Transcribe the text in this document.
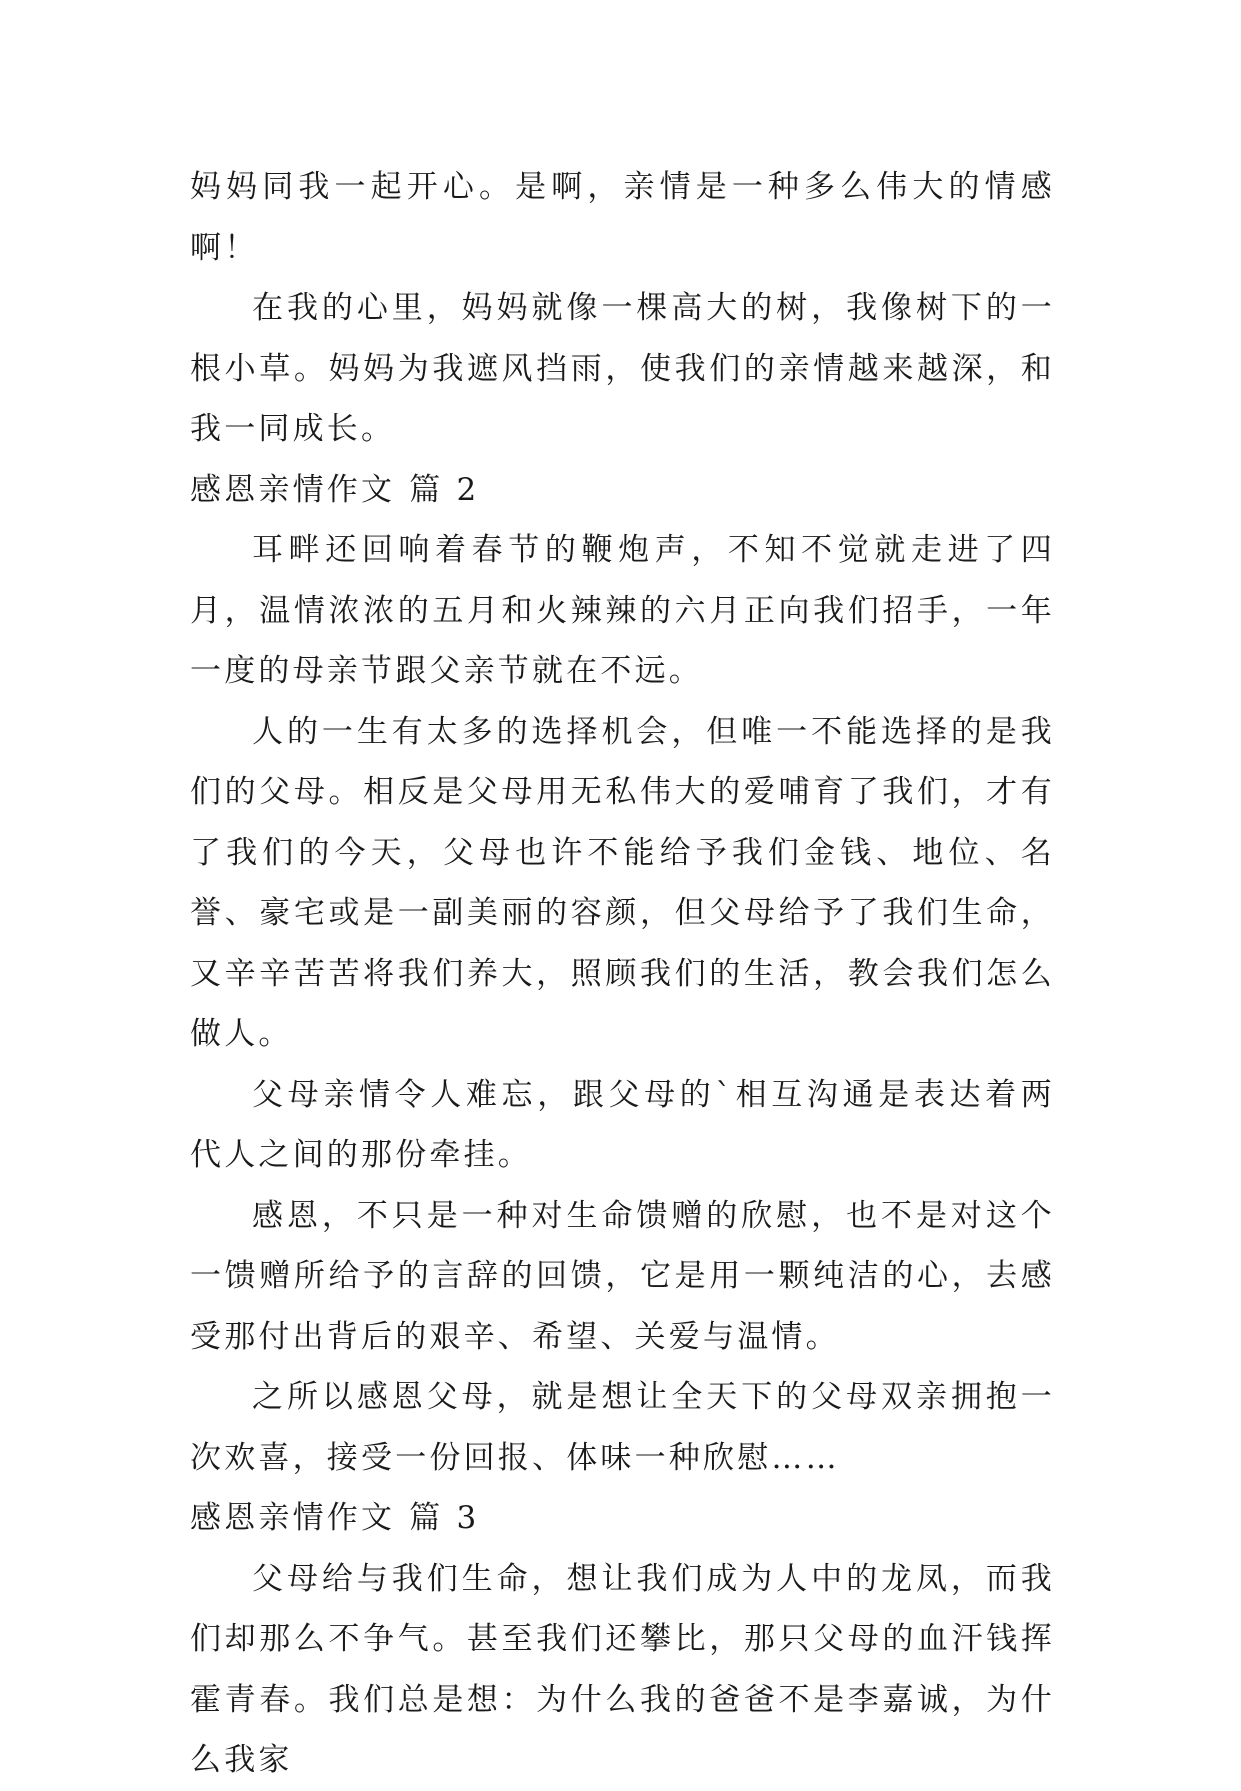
妈妈同我一起开心。是啊，亲情是一种多么伟大的情感啊！

在我的心里，妈妈就像一棵高大的树，我像树下的一根小草。妈妈为我遮风挡雨，使我们的亲情越来越深，和我一同成长。

感恩亲情作文 篇 2

耳畔还回响着春节的鞭炮声，不知不觉就走进了四月，温情浓浓的五月和火辣辣的六月正向我们招手，一年一度的母亲节跟父亲节就在不远。

人的一生有太多的选择机会，但唯一不能选择的是我们的父母。相反是父母用无私伟大的爱哺育了我们，才有了我们的今天，父母也许不能给予我们金钱、地位、名誉、豪宅或是一副美丽的容颜，但父母给予了我们生命，又辛辛苦苦将我们养大，照顾我们的生活，教会我们怎么做人。

父母亲情令人难忘，跟父母的`相互沟通是表达着两代人之间的那份牵挂。

感恩，不只是一种对生命馈赠的欣慰，也不是对这个一馈赠所给予的言辞的回馈，它是用一颗纯洁的心，去感受那付出背后的艰辛、希望、关爱与温情。

之所以感恩父母，就是想让全天下的父母双亲拥抱一次欢喜，接受一份回报、体味一种欣慰……

感恩亲情作文 篇 3

父母给与我们生命，想让我们成为人中的龙凤，而我们却那么不争气。甚至我们还攀比，那只父母的血汗钱挥霍青春。我们总是想：为什么我的爸爸不是李嘉诚，为什么我家
